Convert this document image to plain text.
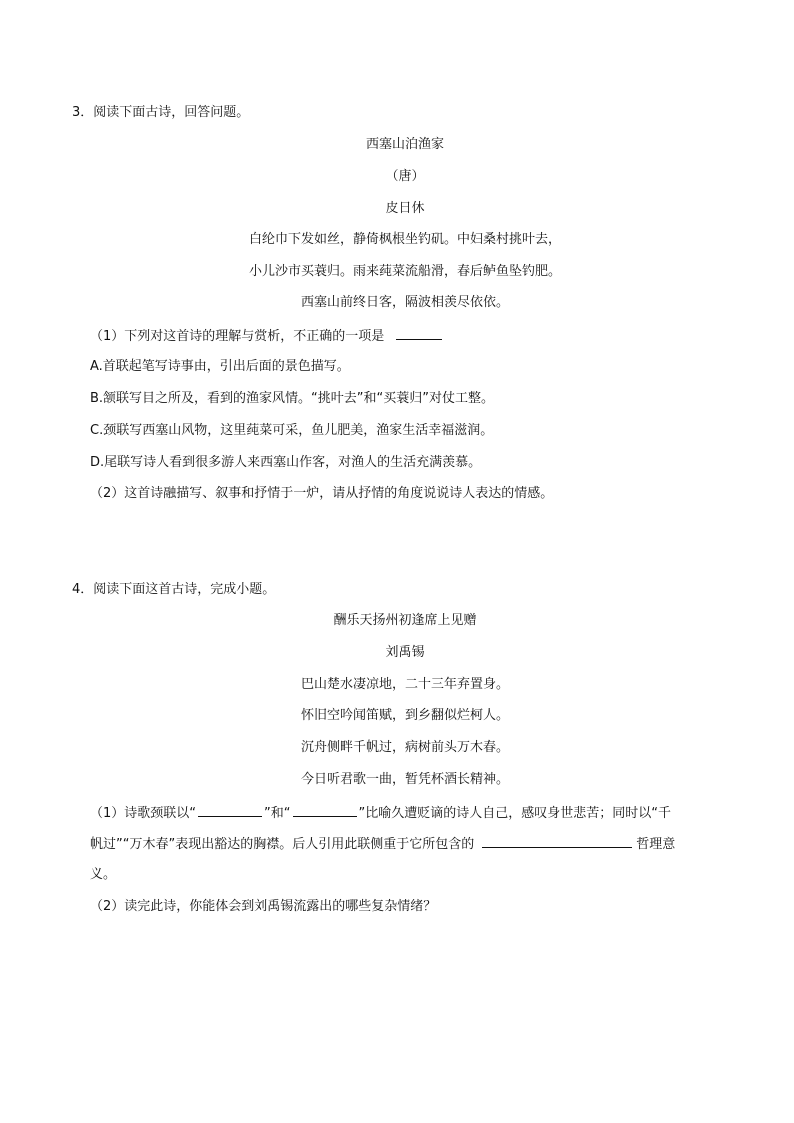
3．阅读下面古诗，回答问题。
西塞山泊渔家
（唐）
皮日休
白纶巾下发如丝，静倚枫根坐钓矶。中妇桑村挑叶去，
小儿沙市买蓑归。雨来莼菜流船滑，春后鲈鱼坠钓肥。
西塞山前终日客，隔波相羡尽依依。
（1）下列对这首诗的理解与赏析，不正确的一项是
A.首联起笔写诗事由，引出后面的景色描写。
B.颔联写目之所及，看到的渔家风情。“挑叶去”和“买蓑归”对仗工整。
C.颈联写西塞山风物，这里莼菜可采，鱼儿肥美，渔家生活幸福滋润。
D.尾联写诗人看到很多游人来西塞山作客，对渔人的生活充满羡慕。
（2）这首诗融描写、叙事和抒情于一炉，请从抒情的角度说说诗人表达的情感。
4．阅读下面这首古诗，完成小题。
酬乐天扬州初逢席上见赠
刘禹锡
巴山楚水凄凉地，二十三年弃置身。
怀旧空吟闻笛赋，到乡翻似烂柯人。
沉舟侧畔千帆过，病树前头万木春。
今日听君歌一曲，暂凭杯酒长精神。
（1）诗歌颈联以“	”和“	”比喻久遭贬谪的诗人自己，感叹身世悲苦；同时以“千
帆过”“万木春”表现出豁达的胸襟。后人引用此联侧重于它所包含的	哲理意
义。
（2）读完此诗，你能体会到刘禹锡流露出的哪些复杂情绪？
